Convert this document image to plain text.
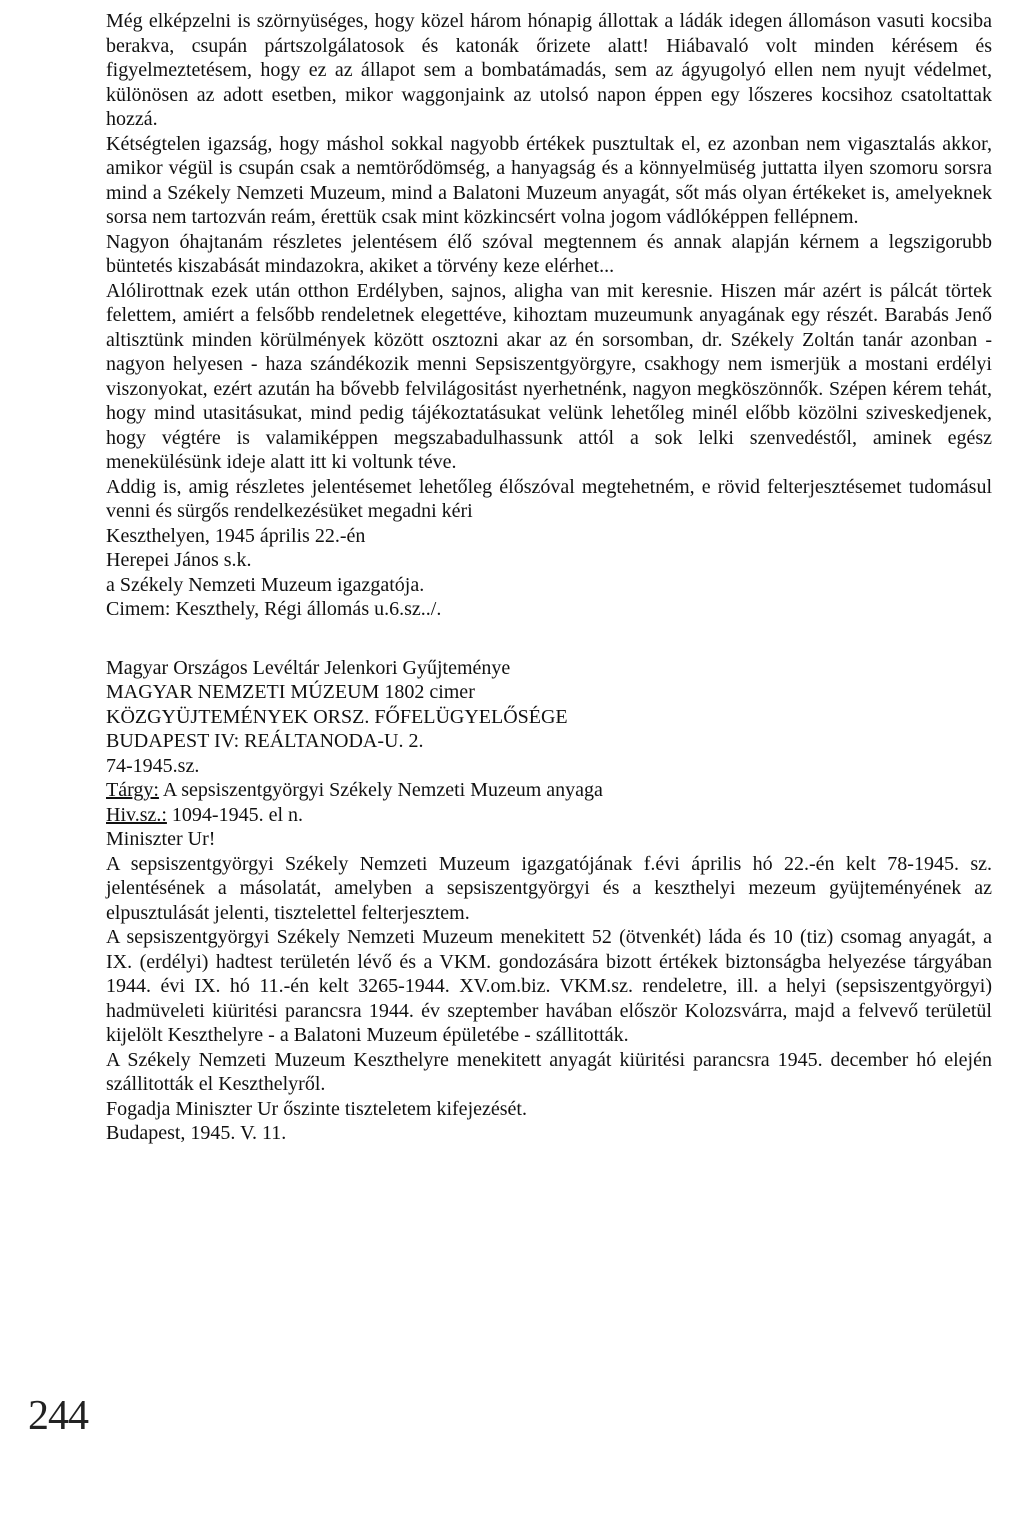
Még elképzelni is szörnyüséges, hogy közel három hónapig állottak a ládák idegen állomáson vasuti kocsiba berakva, csupán pártszolgálatosok és katonák őrizete alatt! Hiábavaló volt minden kérésem és figyelmeztetésem, hogy ez az állapot sem a bombatámadás, sem az ágyugolyó ellen nem nyujt védelmet, különösen az adott esetben, mikor waggonjaink az utolsó napon éppen egy lőszeres kocsihoz csatoltattak hozzá.

Kétségtelen igazság, hogy máshol sokkal nagyobb értékek pusztultak el, ez azonban nem vigasztalás akkor, amikor végül is csupán csak a nemtörődömség, a hanyagság és a könnyelmüség juttatta ilyen szomoru sorsra mind a Székely Nemzeti Muzeum, mind a Balatoni Muzeum anyagát, sőt más olyan értékeket is, amelyeknek sorsa nem tartozván reám, érettük csak mint közkincsért volna jogom vádlóképpen fellépnem.

Nagyon óhajtanám részletes jelentésem élő szóval megtennem és annak alapján kérnem a legszigorubb büntetés kiszabását mindazokra, akiket a törvény keze elérhet...

Alólirottnak ezek után otthon Erdélyben, sajnos, aligha van mit keresnie. Hiszen már azért is pálcát törtek felettem, amiért a felsőbb rendeletnek elegettéve, kihoztam muzeumunk anyagának egy részét. Barabás Jenő altisztünk minden körülmények között osztozni akar az én sorsomban, dr. Székely Zoltán tanár azonban - nagyon helyesen - haza szándékozik menni Sepsiszentgyörgyre, csakhogy nem ismerjük a mostani erdélyi viszonyokat, ezért azután ha bővebb felvilágositást nyerhetnénk, nagyon megköszönnők. Szépen kérem tehát, hogy mind utasitásukat, mind pedig tájékoztatásukat velünk lehetőleg minél előbb közölni sziveskedjenek, hogy végtére is valamiképpen megszabadulhassunk attól a sok lelki szenvedéstől, aminek egész menekülésünk ideje alatt itt ki voltunk téve.

Addig is, amig részletes jelentésemet lehetőleg élőszóval megtehetném, e rövid felterjesztésemet tudomásul venni és sürgős rendelkezésüket megadni kéri

Keszthelyen, 1945 április 22.-én
Herepei János s.k.
a Székely Nemzeti Muzeum igazgatója.
Cimem: Keszthely, Régi állomás u.6.sz../.
Magyar Országos Levéltár Jelenkori Gyűjteménye
MAGYAR NEMZETI MÚZEUM 1802 cimer
KÖZGYÜJTEMÉNYEK ORSZ. FŐFELÜGYELŐSÉGE
BUDAPEST IV: REÁLTANODA-U. 2.
74-1945.sz.
Tárgy: A sepsiszentgyörgyi Székely Nemzeti Muzeum anyaga
Hiv.sz.: 1094-1945. el n.
Miniszter Ur!

A sepsiszentgyörgyi Székely Nemzeti Muzeum igazgatójának f.évi április hó 22.-én kelt 78-1945. sz. jelentésének a másolatát, amelyben a sepsiszentgyörgyi és a keszthelyi mezeum gyüjteményének az elpusztulását jelenti, tisztelettel felterjesztem.

A sepsiszentgyörgyi Székely Nemzeti Muzeum menekitett 52 (ötvenkét) láda és 10 (tiz) csomag anyagát, a IX. (erdélyi) hadtest területén lévő és a VKM. gondozására bizott értékek biztonságba helyezése tárgyában 1944. évi IX. hó 11.-én kelt 3265-1944. XV.om.biz. VKM.sz. rendeletre, ill. a helyi (sepsiszentgyörgyi) hadmüveleti kiüritési parancsra 1944. év szeptember havában először Kolozsvárra, majd a felvevő területül kijelölt Keszthelyre - a Balatoni Muzeum épületébe - szállitották.

A Székely Nemzeti Muzeum Keszthelyre menekitett anyagát kiüritési parancsra 1945. december hó elején szállitották el Keszthelyről.

Fogadja Miniszter Ur őszinte tiszteletem kifejezését.
Budapest, 1945. V. 11.
244
